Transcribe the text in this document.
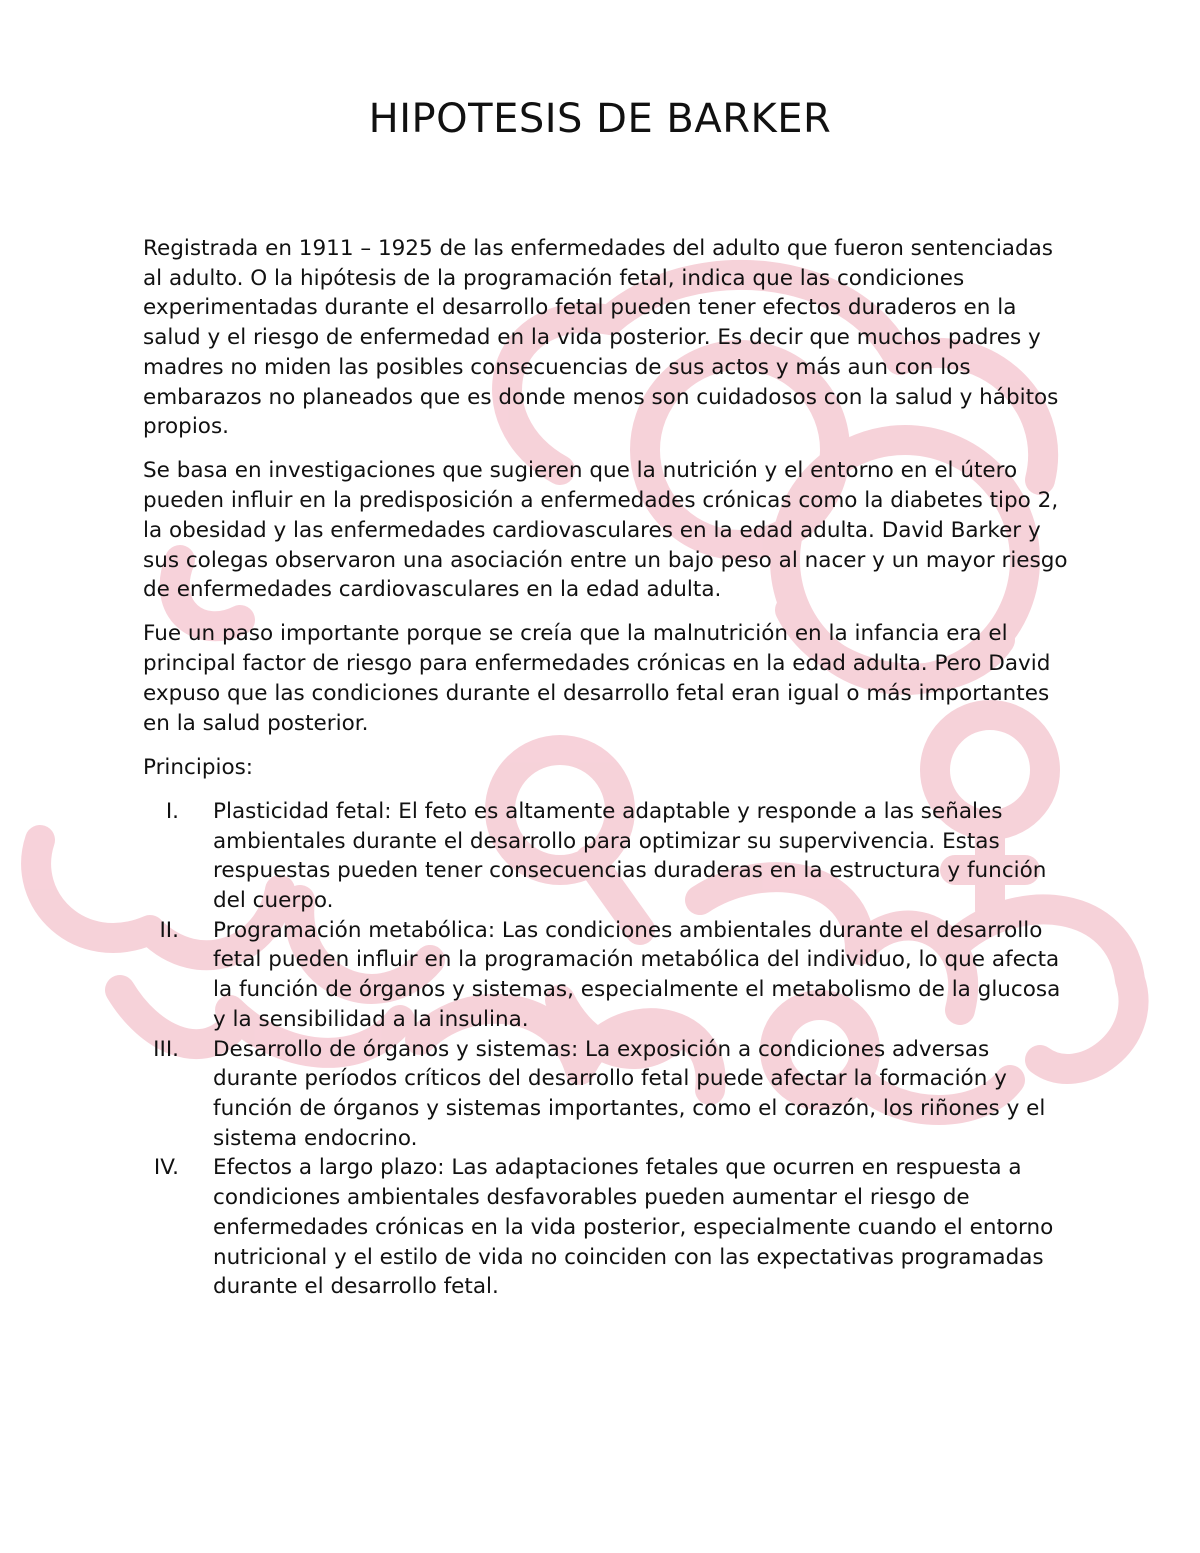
HIPOTESIS DE BARKER

Registrada en 1911 – 1925 de las enfermedades del adulto que fueron sentenciadas al adulto. O la hipótesis de la programación fetal, indica que las condiciones experimentadas durante el desarrollo fetal pueden tener efectos duraderos en la salud y el riesgo de enfermedad en la vida posterior. Es decir que muchos padres y madres no miden las posibles consecuencias de sus actos y más aun con los embarazos no planeados que es donde menos son cuidadosos con la salud y hábitos propios.

Se basa en investigaciones que sugieren que la nutrición y el entorno en el útero pueden influir en la predisposición a enfermedades crónicas como la diabetes tipo 2, la obesidad y las enfermedades cardiovasculares en la edad adulta. David Barker y sus colegas observaron una asociación entre un bajo peso al nacer y un mayor riesgo de enfermedades cardiovasculares en la edad adulta.

Fue un paso importante porque se creía que la malnutrición en la infancia era el principal factor de riesgo para enfermedades crónicas en la edad adulta. Pero David expuso que las condiciones durante el desarrollo fetal eran igual o más importantes en la salud posterior.

Principios:

I. Plasticidad fetal: El feto es altamente adaptable y responde a las señales ambientales durante el desarrollo para optimizar su supervivencia. Estas respuestas pueden tener consecuencias duraderas en la estructura y función del cuerpo.
II. Programación metabólica: Las condiciones ambientales durante el desarrollo fetal pueden influir en la programación metabólica del individuo, lo que afecta la función de órganos y sistemas, especialmente el metabolismo de la glucosa y la sensibilidad a la insulina.
III. Desarrollo de órganos y sistemas: La exposición a condiciones adversas durante períodos críticos del desarrollo fetal puede afectar la formación y función de órganos y sistemas importantes, como el corazón, los riñones y el sistema endocrino.
IV. Efectos a largo plazo: Las adaptaciones fetales que ocurren en respuesta a condiciones ambientales desfavorables pueden aumentar el riesgo de enfermedades crónicas en la vida posterior, especialmente cuando el entorno nutricional y el estilo de vida no coinciden con las expectativas programadas durante el desarrollo fetal.
